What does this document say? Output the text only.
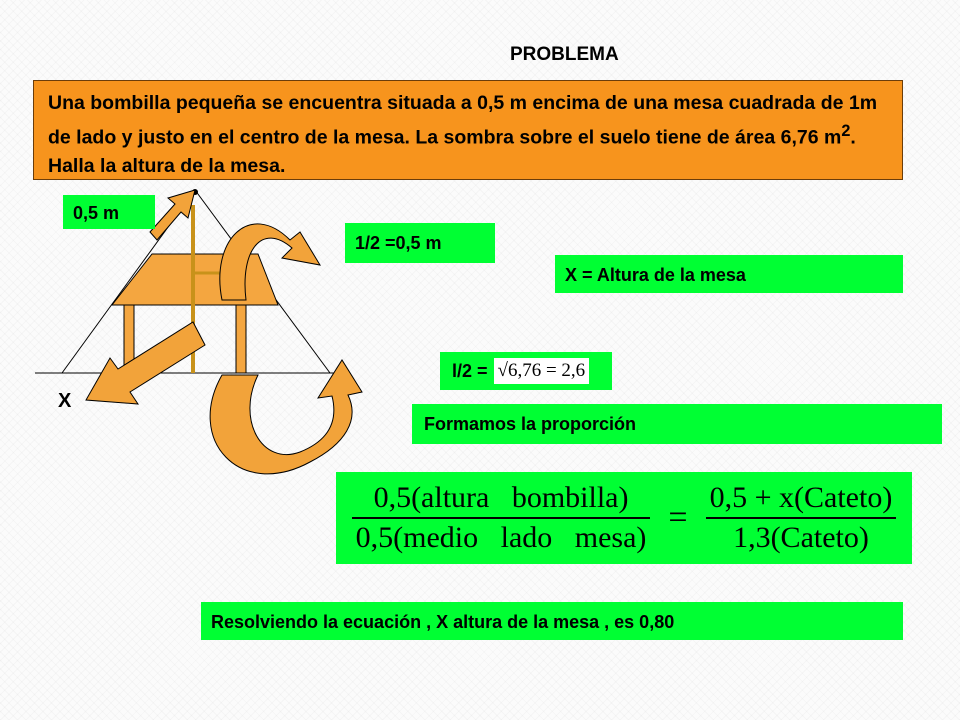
PROBLEMA
Una bombilla pequeña se encuentra situada a 0,5 m encima de una mesa cuadrada de 1m de lado y justo en el centro de la mesa. La sombra sobre el suelo tiene de área 6,76 $m^2$. Halla la altura de la mesa.
X
0,5 m
1/2 =0,5 m
X = Altura de la mesa
l/2 = √6,76 = 2,6
Formamos la proporción
$\frac{\text{0,5(altura   bombilla)}}{\text{0,5(medio   lado   mesa)}} = \frac{\text{0,5 + x(Cateto)}}{\text{1,3(Cateto)}}$
Resolviendo la ecuación , X altura de la mesa , es 0,80
